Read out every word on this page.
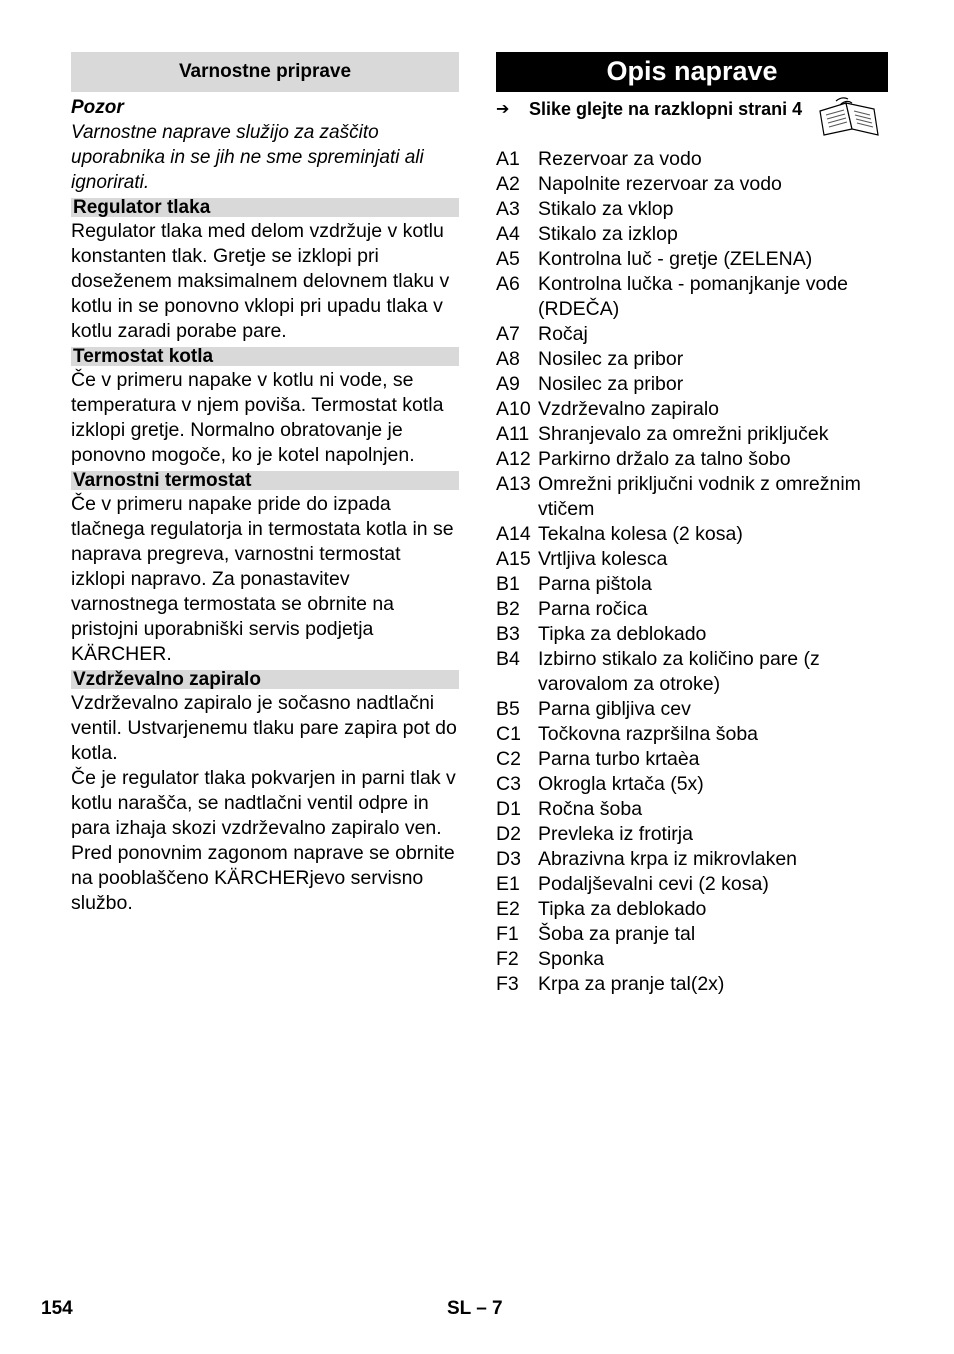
Varnostne priprave
Pozor
Varnostne naprave služijo za zaščito uporabnika in se jih ne sme spreminjati ali ignorirati.
Regulator tlaka
Regulator tlaka med delom vzdržuje v kotlu konstanten tlak. Gretje se izklopi pri doseženem maksimalnem delovnem tlaku v kotlu in se ponovno vklopi pri upadu tlaka v kotlu zaradi porabe pare.
Termostat kotla
Če v primeru napake v kotlu ni vode, se temperatura v njem poviša. Termostat kotla izklopi gretje. Normalno obratovanje je ponovno mogoče, ko je kotel napolnjen.
Varnostni termostat
Če v primeru napake pride do izpada tlačnega regulatorja in termostata kotla in se naprava pregreva, varnostni termostat izklopi napravo. Za ponastavitev varnostnega termostata se obrnite na pristojni uporabniški servis podjetja KÄRCHER.
Vzdrževalno zapiralo
Vzdrževalno zapiralo je sočasno nadtlačni ventil. Ustvarjenemu tlaku pare zapira pot do kotla.
Če je regulator tlaka pokvarjen in parni tlak v kotlu narašča, se nadtlačni ventil odpre in para izhaja skozi vzdrževalno zapiralo ven. Pred ponovnim zagonom naprave se obrnite na pooblaščeno KÄRCHERjevo servisno službo.
Opis naprave
➔ Slike glejte na razklopni strani 4
A1 Rezervoar za vodo
A2 Napolnite rezervoar za vodo
A3 Stikalo za vklop
A4 Stikalo za izklop
A5 Kontrolna luč - gretje (ZELENA)
A6 Kontrolna lučka - pomanjkanje vode (RDEČA)
A7 Ročaj
A8 Nosilec za pribor
A9 Nosilec za pribor
A10 Vzdrževalno zapiralo
A11 Shranjevalo za omrežni priključek
A12 Parkirno držalo za talno šobo
A13 Omrežni priključni vodnik z omrežnim vtičem
A14 Tekalna kolesa (2 kosa)
A15 Vrtljiva kolesca
B1 Parna pištola
B2 Parna ročica
B3 Tipka za deblokado
B4 Izbirno stikalo za količino pare (z varovalom za otroke)
B5 Parna gibljiva cev
C1 Točkovna razpršilna šoba
C2 Parna turbo krtaèa
C3 Okrogla krtača (5x)
D1 Ročna šoba
D2 Prevleka iz frotirja
D3 Abrazivna krpa iz mikrovlaken
E1 Podaljševalni cevi (2 kosa)
E2 Tipka za deblokado
F1 Šoba za pranje tal
F2 Sponka
F3 Krpa za pranje tal(2x)
154	SL – 7
